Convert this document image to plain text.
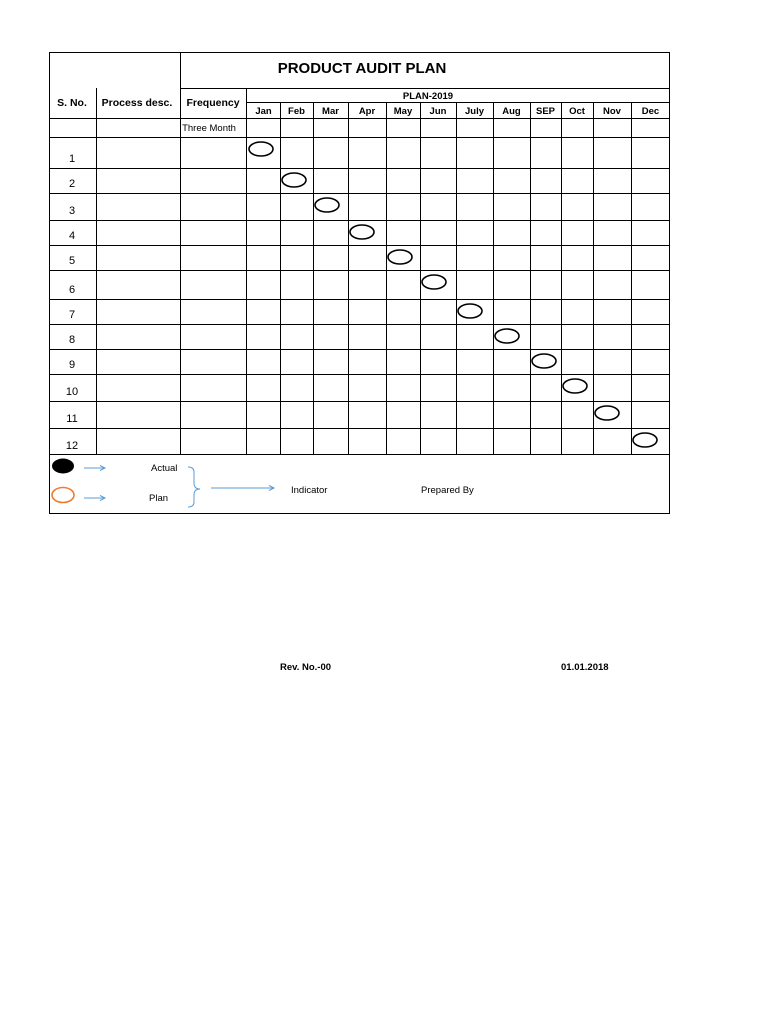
PRODUCT AUDIT PLAN
PLAN-2019
S. No. Process desc. Frequency
Three Month
Jan Feb Mar Apr May Jun July Aug SEP Oct Nov Dec
1
2
3
4
5
6
7
8
9
10
11
12
Actual
Plan
Indicator	Prepared By
Rev. No.-00	01.01.2018
